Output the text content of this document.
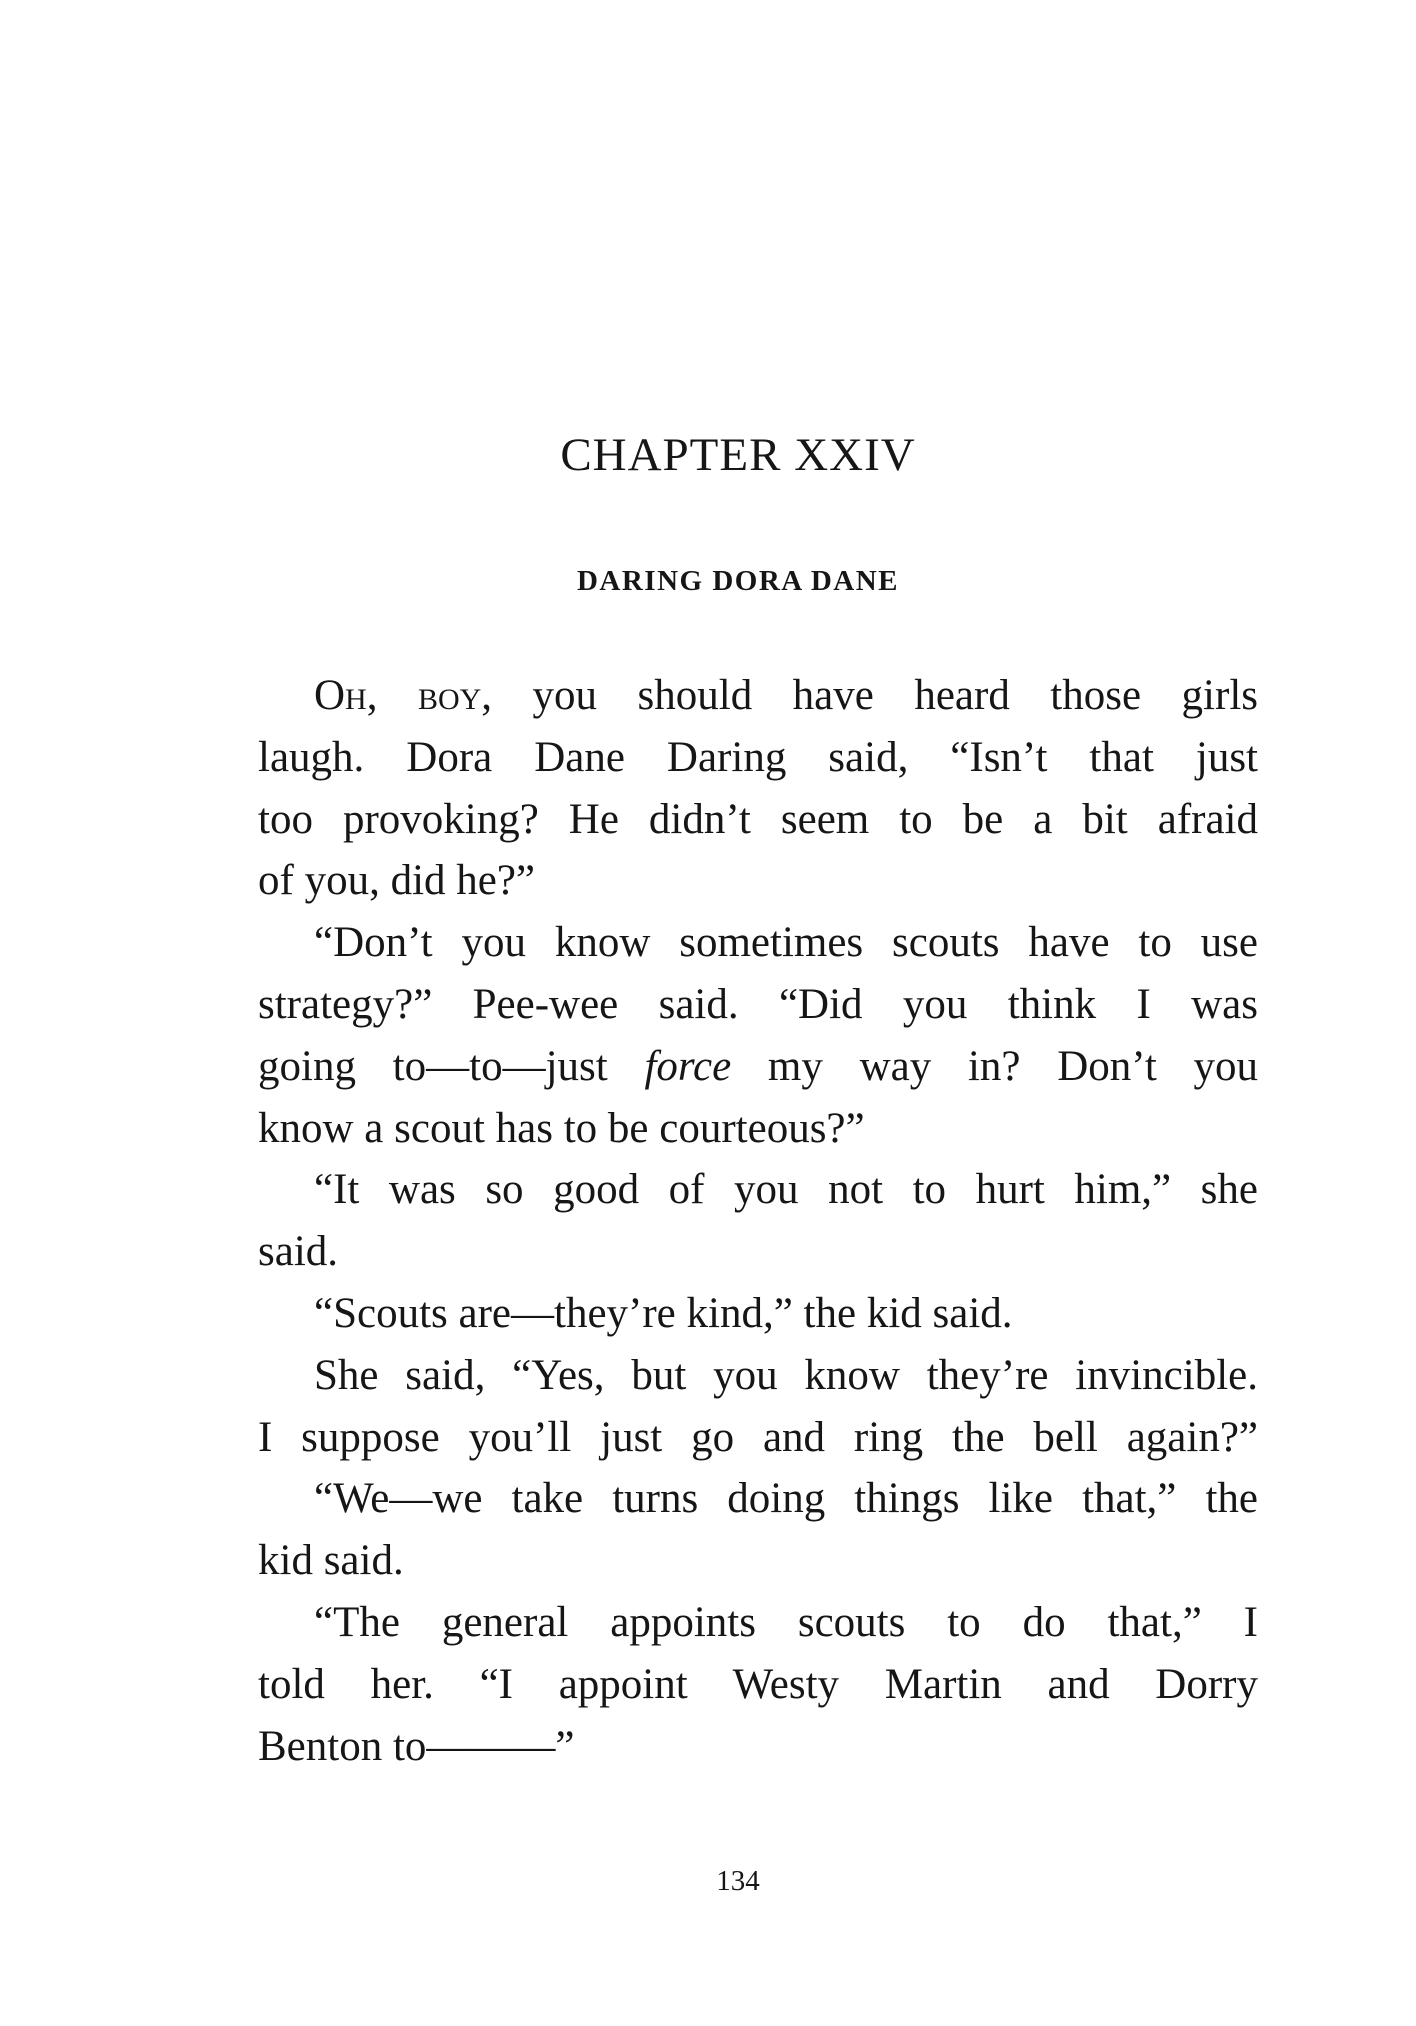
CHAPTER XXIV
DARING DORA DANE
Oh, boy, you should have heard those girls
laugh. Dora Dane Daring said, “Isn’t that just
too provoking? He didn’t seem to be a bit afraid
of you, did he?”
“Don’t you know sometimes scouts have to use
strategy?” Pee-wee said. “Did you think I was
going to—to—just force my way in? Don’t you
know a scout has to be courteous?”
“It was so good of you not to hurt him,” she
said.
“Scouts are—they’re kind,” the kid said.
She said, “Yes, but you know they’re invincible.
I suppose you’ll just go and ring the bell again?”
“We—we take turns doing things like that,” the
kid said.
“The general appoints scouts to do that,” I
told her. “I appoint Westy Martin and Dorry
Benton to———”
134
